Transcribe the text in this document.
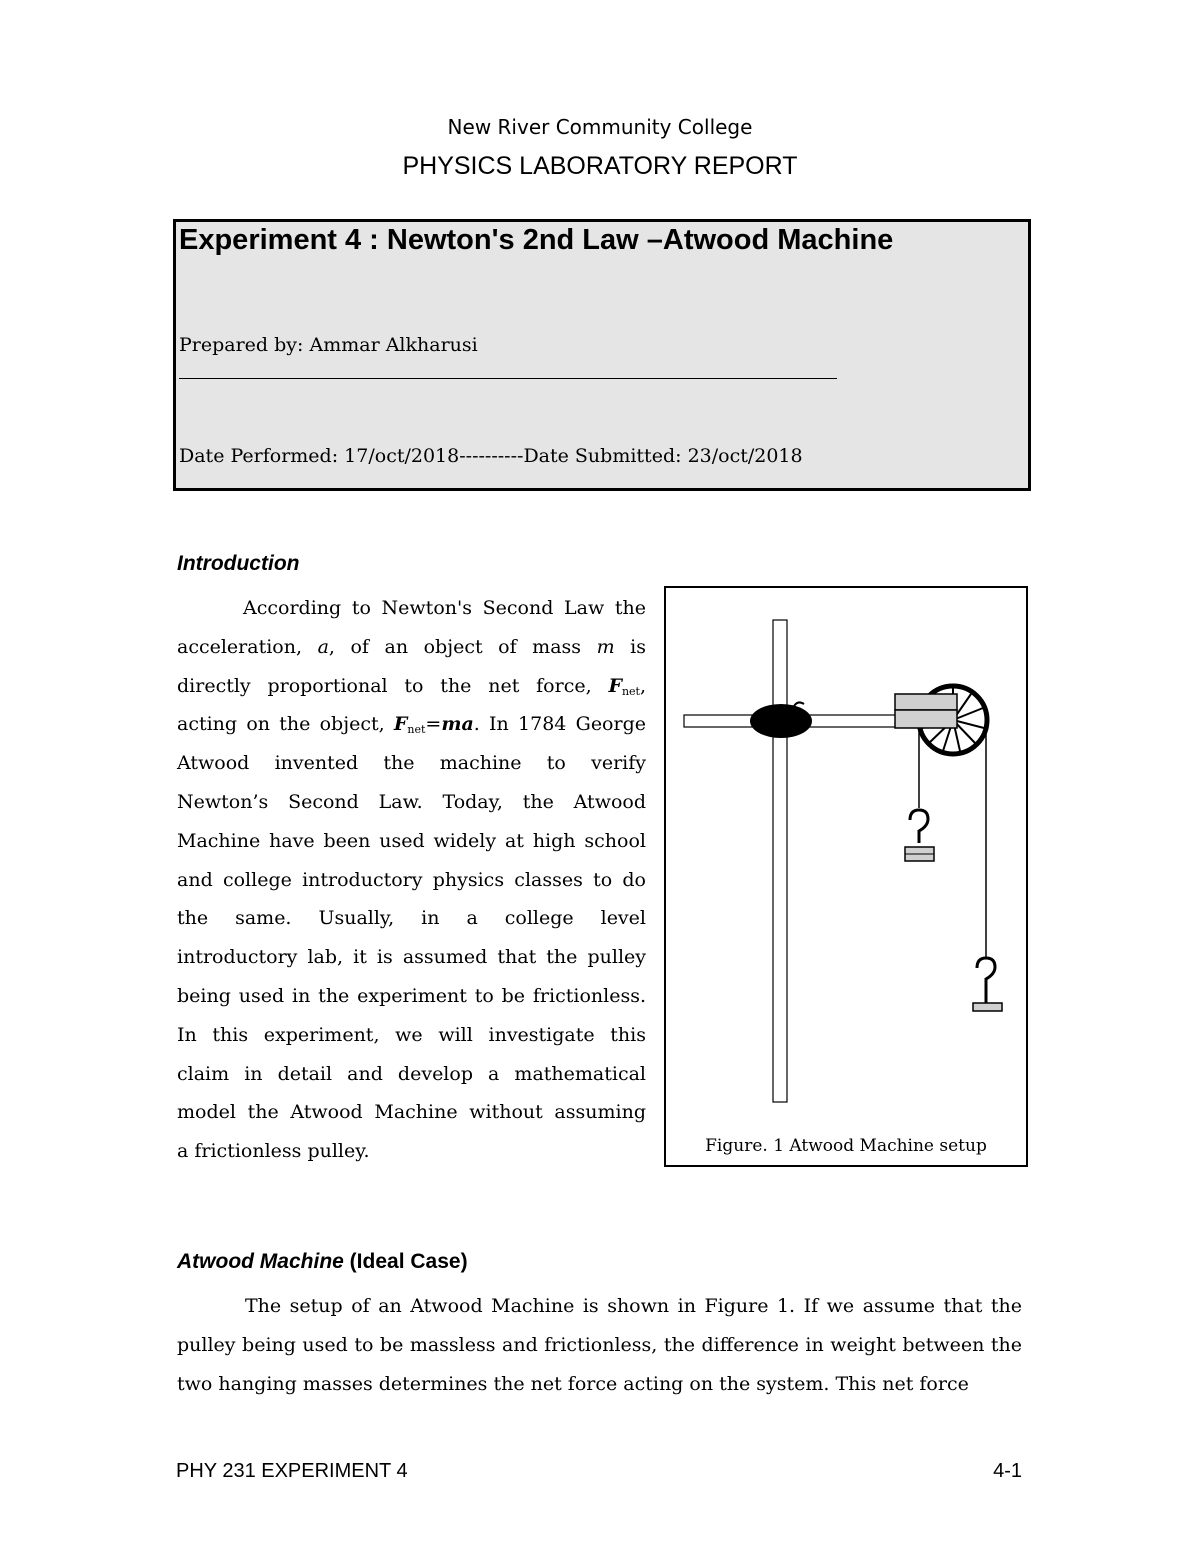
New River Community College
PHYSICS LABORATORY REPORT
Experiment 4 : Newton's 2nd Law –Atwood Machine
Prepared by: Ammar Alkharusi
Date Performed: 17/oct/2018----------Date Submitted: 23/oct/2018
Introduction
According to Newton's Second Law the
acceleration, a, of an object of mass m is
directly proportional to the net force, $F_{net}$,
acting on the object, $F_{net}=ma$. In 1784 George
Atwood invented the machine to verify
Newton’s Second Law. Today, the Atwood
Machine have been used widely at high school
and college introductory physics classes to do
the same. Usually, in a college level
introductory lab, it is assumed that the pulley
being used in the experiment to be frictionless.
In this experiment, we will investigate this
claim in detail and develop a mathematical
model the Atwood Machine without assuming
a frictionless pulley.	Figure. 1 Atwood Machine setup
Atwood Machine (Ideal Case)
The setup of an Atwood Machine is shown in Figure 1. If we assume that the pulley being used to be massless and frictionless, the difference in weight between the two hanging masses determines the net force acting on the system. This net force
PHY 231 EXPERIMENT 4	4-1
